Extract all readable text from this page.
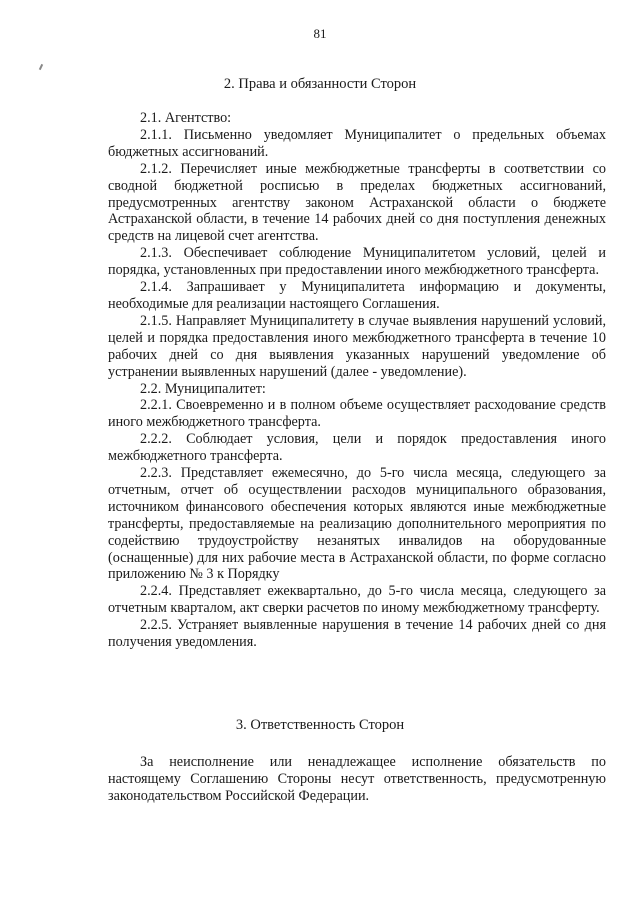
81
2. Права и обязанности Сторон

2.1. Агентство:

2.1.1. Письменно уведомляет Муниципалитет о предельных объемах бюджетных ассигнований.

2.1.2. Перечисляет иные межбюджетные трансферты в соответствии со сводной бюджетной росписью в пределах бюджетных ассигнований, предусмотренных агентству законом Астраханской области о бюджете Астраханской области, в течение 14 рабочих дней со дня поступления денежных средств на лицевой счет агентства.

2.1.3. Обеспечивает соблюдение Муниципалитетом условий, целей и порядка, установленных при предоставлении иного межбюджетного трансферта.

2.1.4. Запрашивает у Муниципалитета информацию и документы, необходимые для реализации настоящего Соглашения.

2.1.5. Направляет Муниципалитету в случае выявления нарушений условий, целей и порядка предоставления иного межбюджетного трансферта в течение 10 рабочих дней со дня выявления указанных нарушений уведомление об устранении выявленных нарушений (далее - уведомление).

2.2. Муниципалитет:

2.2.1. Своевременно и в полном объеме осуществляет расходование средств иного межбюджетного трансферта.

2.2.2. Соблюдает условия, цели и порядок предоставления иного межбюджетного трансферта.

2.2.3. Представляет ежемесячно, до 5-го числа месяца, следующего за отчетным, отчет об осуществлении расходов муниципального образования, источником финансового обеспечения которых являются иные межбюджетные трансферты, предоставляемые на реализацию дополнительного мероприятия по содействию трудоустройству незанятых инвалидов на оборудованные (оснащенные) для них рабочие места в Астраханской области, по форме согласно приложению № 3 к Порядку

2.2.4. Представляет ежеквартально, до 5-го числа месяца, следующего за отчетным кварталом, акт сверки расчетов по иному межбюджетному трансферту.

2.2.5. Устраняет выявленные нарушения в течение 14 рабочих дней со дня получения уведомления.

3. Ответственность Сторон

За неисполнение или ненадлежащее исполнение обязательств по настоящему Соглашению Стороны несут ответственность, предусмотренную законодательством Российской Федерации.
